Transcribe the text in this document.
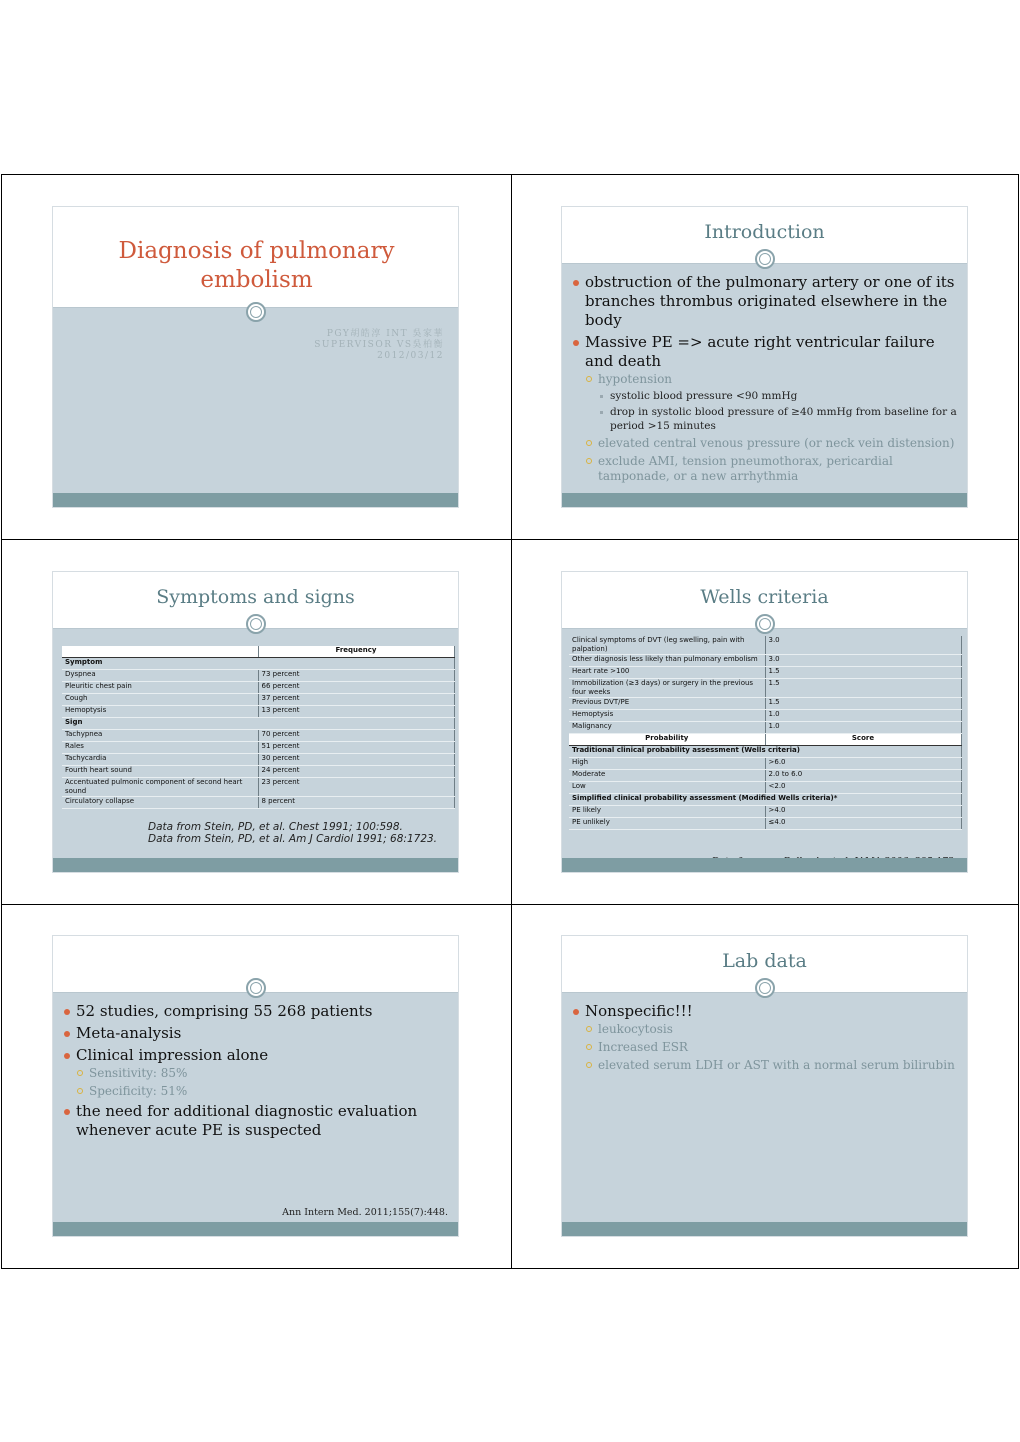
Diagnosis of pulmonary embolism
PGY胡皓淳 INT 吳家華
SUPERVISOR VS吳柏衡
2012/03/12
Introduction
obstruction of the pulmonary artery or one of its branches thrombus originated elsewhere in the body
Massive PE => acute right ventricular failure and death
hypotension
systolic blood pressure <90 mmHg
drop in systolic blood pressure of ≥40 mmHg from baseline for a period >15 minutes
elevated central venous pressure (or neck vein distension)
exclude AMI, tension pneumothorax, pericardial tamponade, or a new arrhythmia
Symptoms and signs
	Frequency
Symptom	
Dyspnea	73 percent
Pleuritic chest pain	66 percent
Cough	37 percent
Hemoptysis	13 percent
Sign	
Tachypnea	70 percent
Rales	51 percent
Tachycardia	30 percent
Fourth heart sound	24 percent
Accentuated pulmonic component of second heart sound	23 percent
Circulatory collapse	8 percent
Data from Stein, PD, et al. Chest 1991; 100:598.
Data from Stein, PD, et al. Am J Cardiol 1991; 68:1723.
Wells criteria
Clinical symptoms of DVT (leg swelling, pain with palpation)	3.0
Other diagnosis less likely than pulmonary embolism	3.0
Heart rate >100	1.5
Immobilization (≥3 days) or surgery in the previous four weeks	1.5
Previous DVT/PE	1.5
Hemoptysis	1.0
Malignancy	1.0
Probability	Score
Traditional clinical probability assessment (Wells criteria)	
High	>6.0
Moderate	2.0 to 6.0
Low	<2.0
Simplified clinical probability assessment (Modified Wells criteria)*	
PE likely	>4.0
PE unlikely	≤4.0
52 studies, comprising 55 268 patients
Meta-analysis
Clinical impression alone
Sensitivity: 85%
Specificity: 51%
the need for additional diagnostic evaluation whenever acute PE is suspected
Ann Intern Med. 2011;155(7):448.
Lab data
Nonspecific!!!
leukocytosis
Increased ESR
elevated serum LDH or AST with a normal serum bilirubin
